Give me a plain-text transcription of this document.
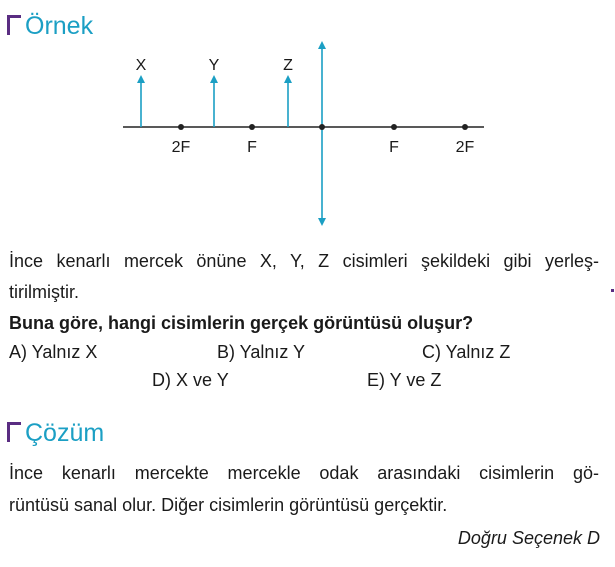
Örnek
X	Y	Z
2F	F	F	2F
İnce kenarlı mercek önüne X, Y, Z cisimleri şekildeki gibi yerleş-
tirilmiştir.
Buna göre, hangi cisimlerin gerçek görüntüsü oluşur?
A) Yalnız X	B) Yalnız Y	C) Yalnız Z
D) X ve Y	E) Y ve Z
Çözüm
İnce kenarlı mercekte mercekle odak arasındaki cisimlerin gö-
rüntüsü sanal olur. Diğer cisimlerin görüntüsü gerçektir.
Doğru Seçenek D
